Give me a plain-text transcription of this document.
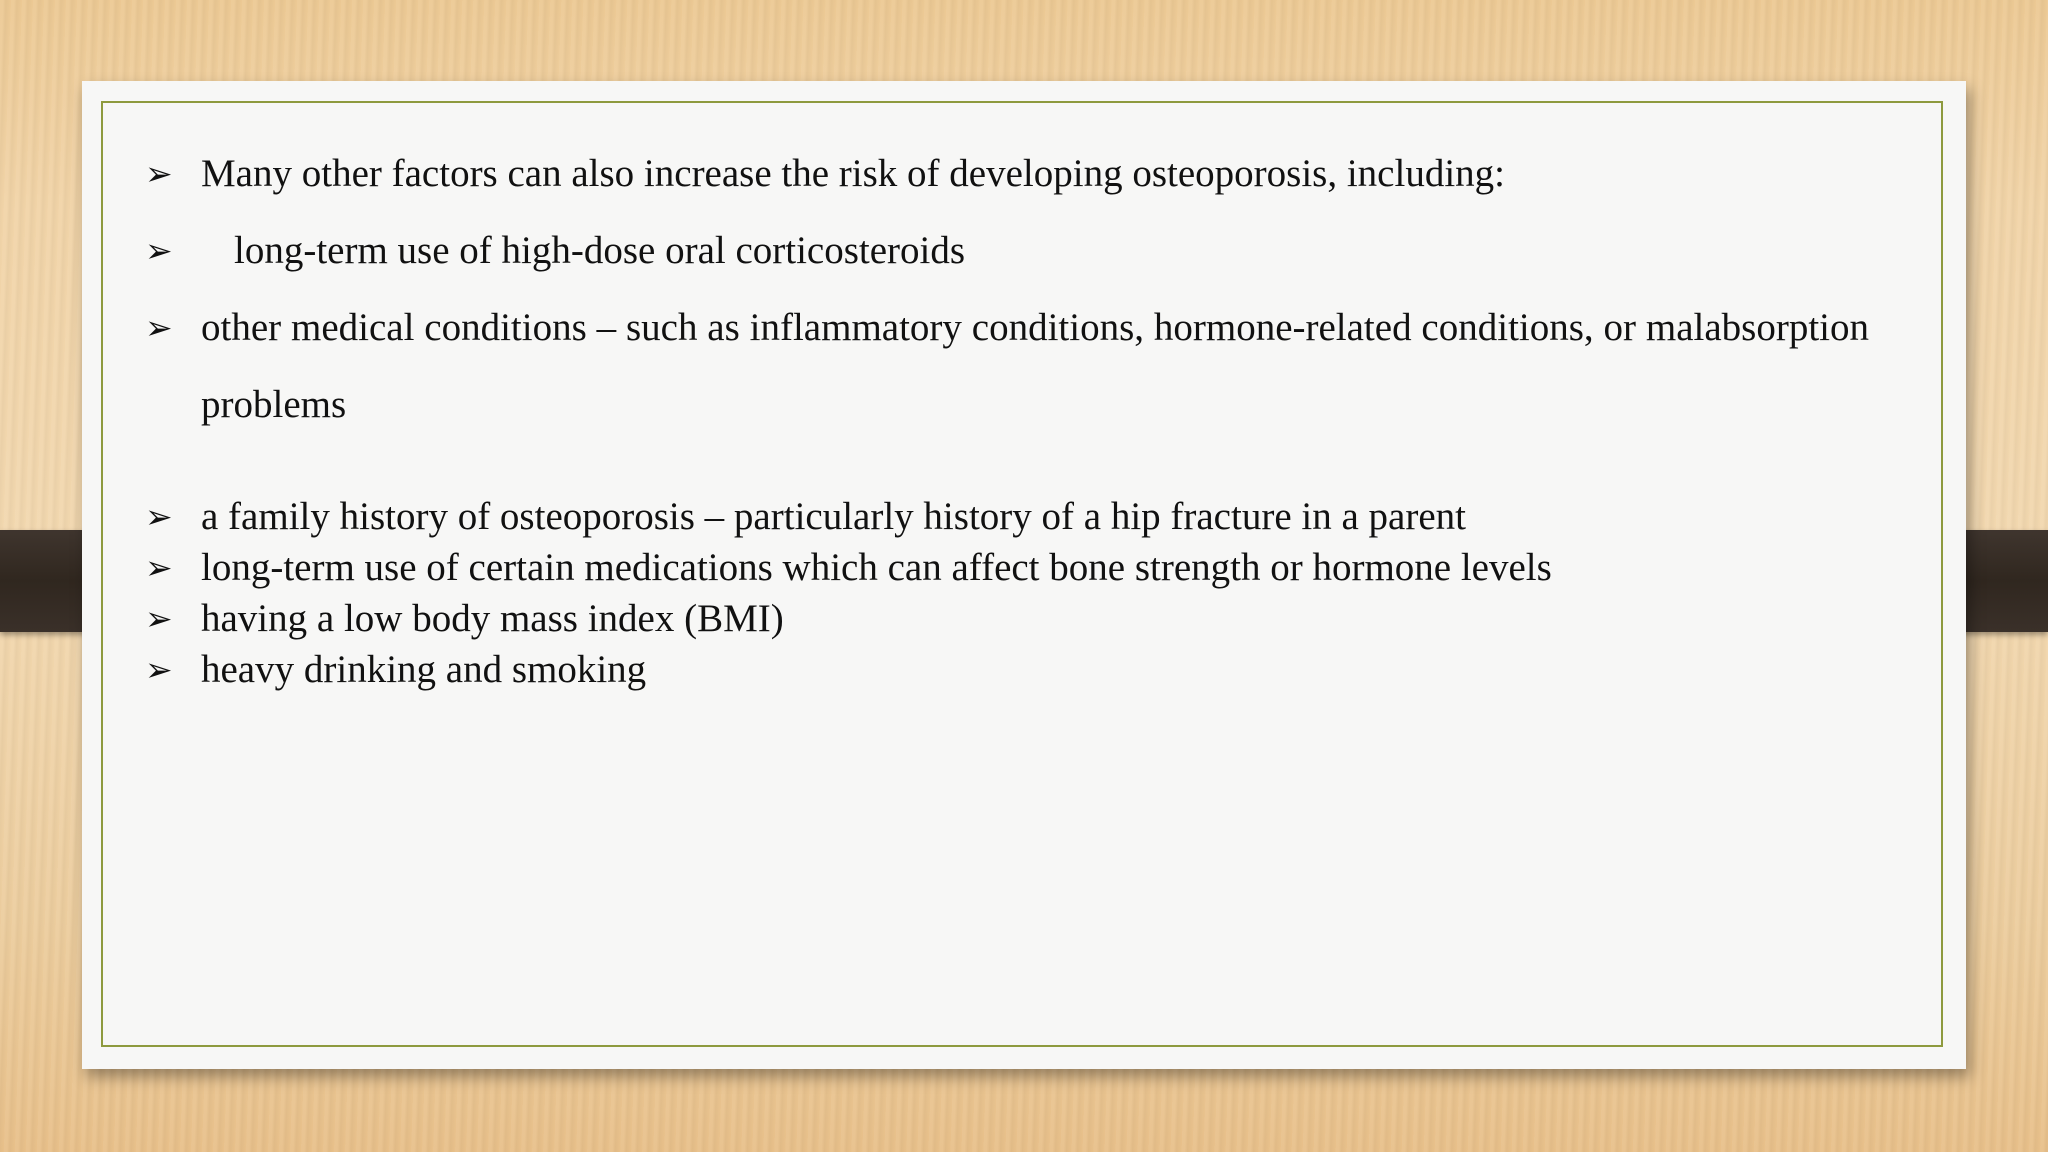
➢ Many other factors can also increase the risk of developing osteoporosis, including:
➢	long-term use of high-dose oral corticosteroids
➢ other medical conditions – such as inflammatory conditions, hormone-related conditions, or malabsorption problems
➢ a family history of osteoporosis – particularly history of a hip fracture in a parent
➢ long-term use of certain medications which can affect bone strength or hormone levels
➢ having a low body mass index (BMI)
➢ heavy drinking and smoking
